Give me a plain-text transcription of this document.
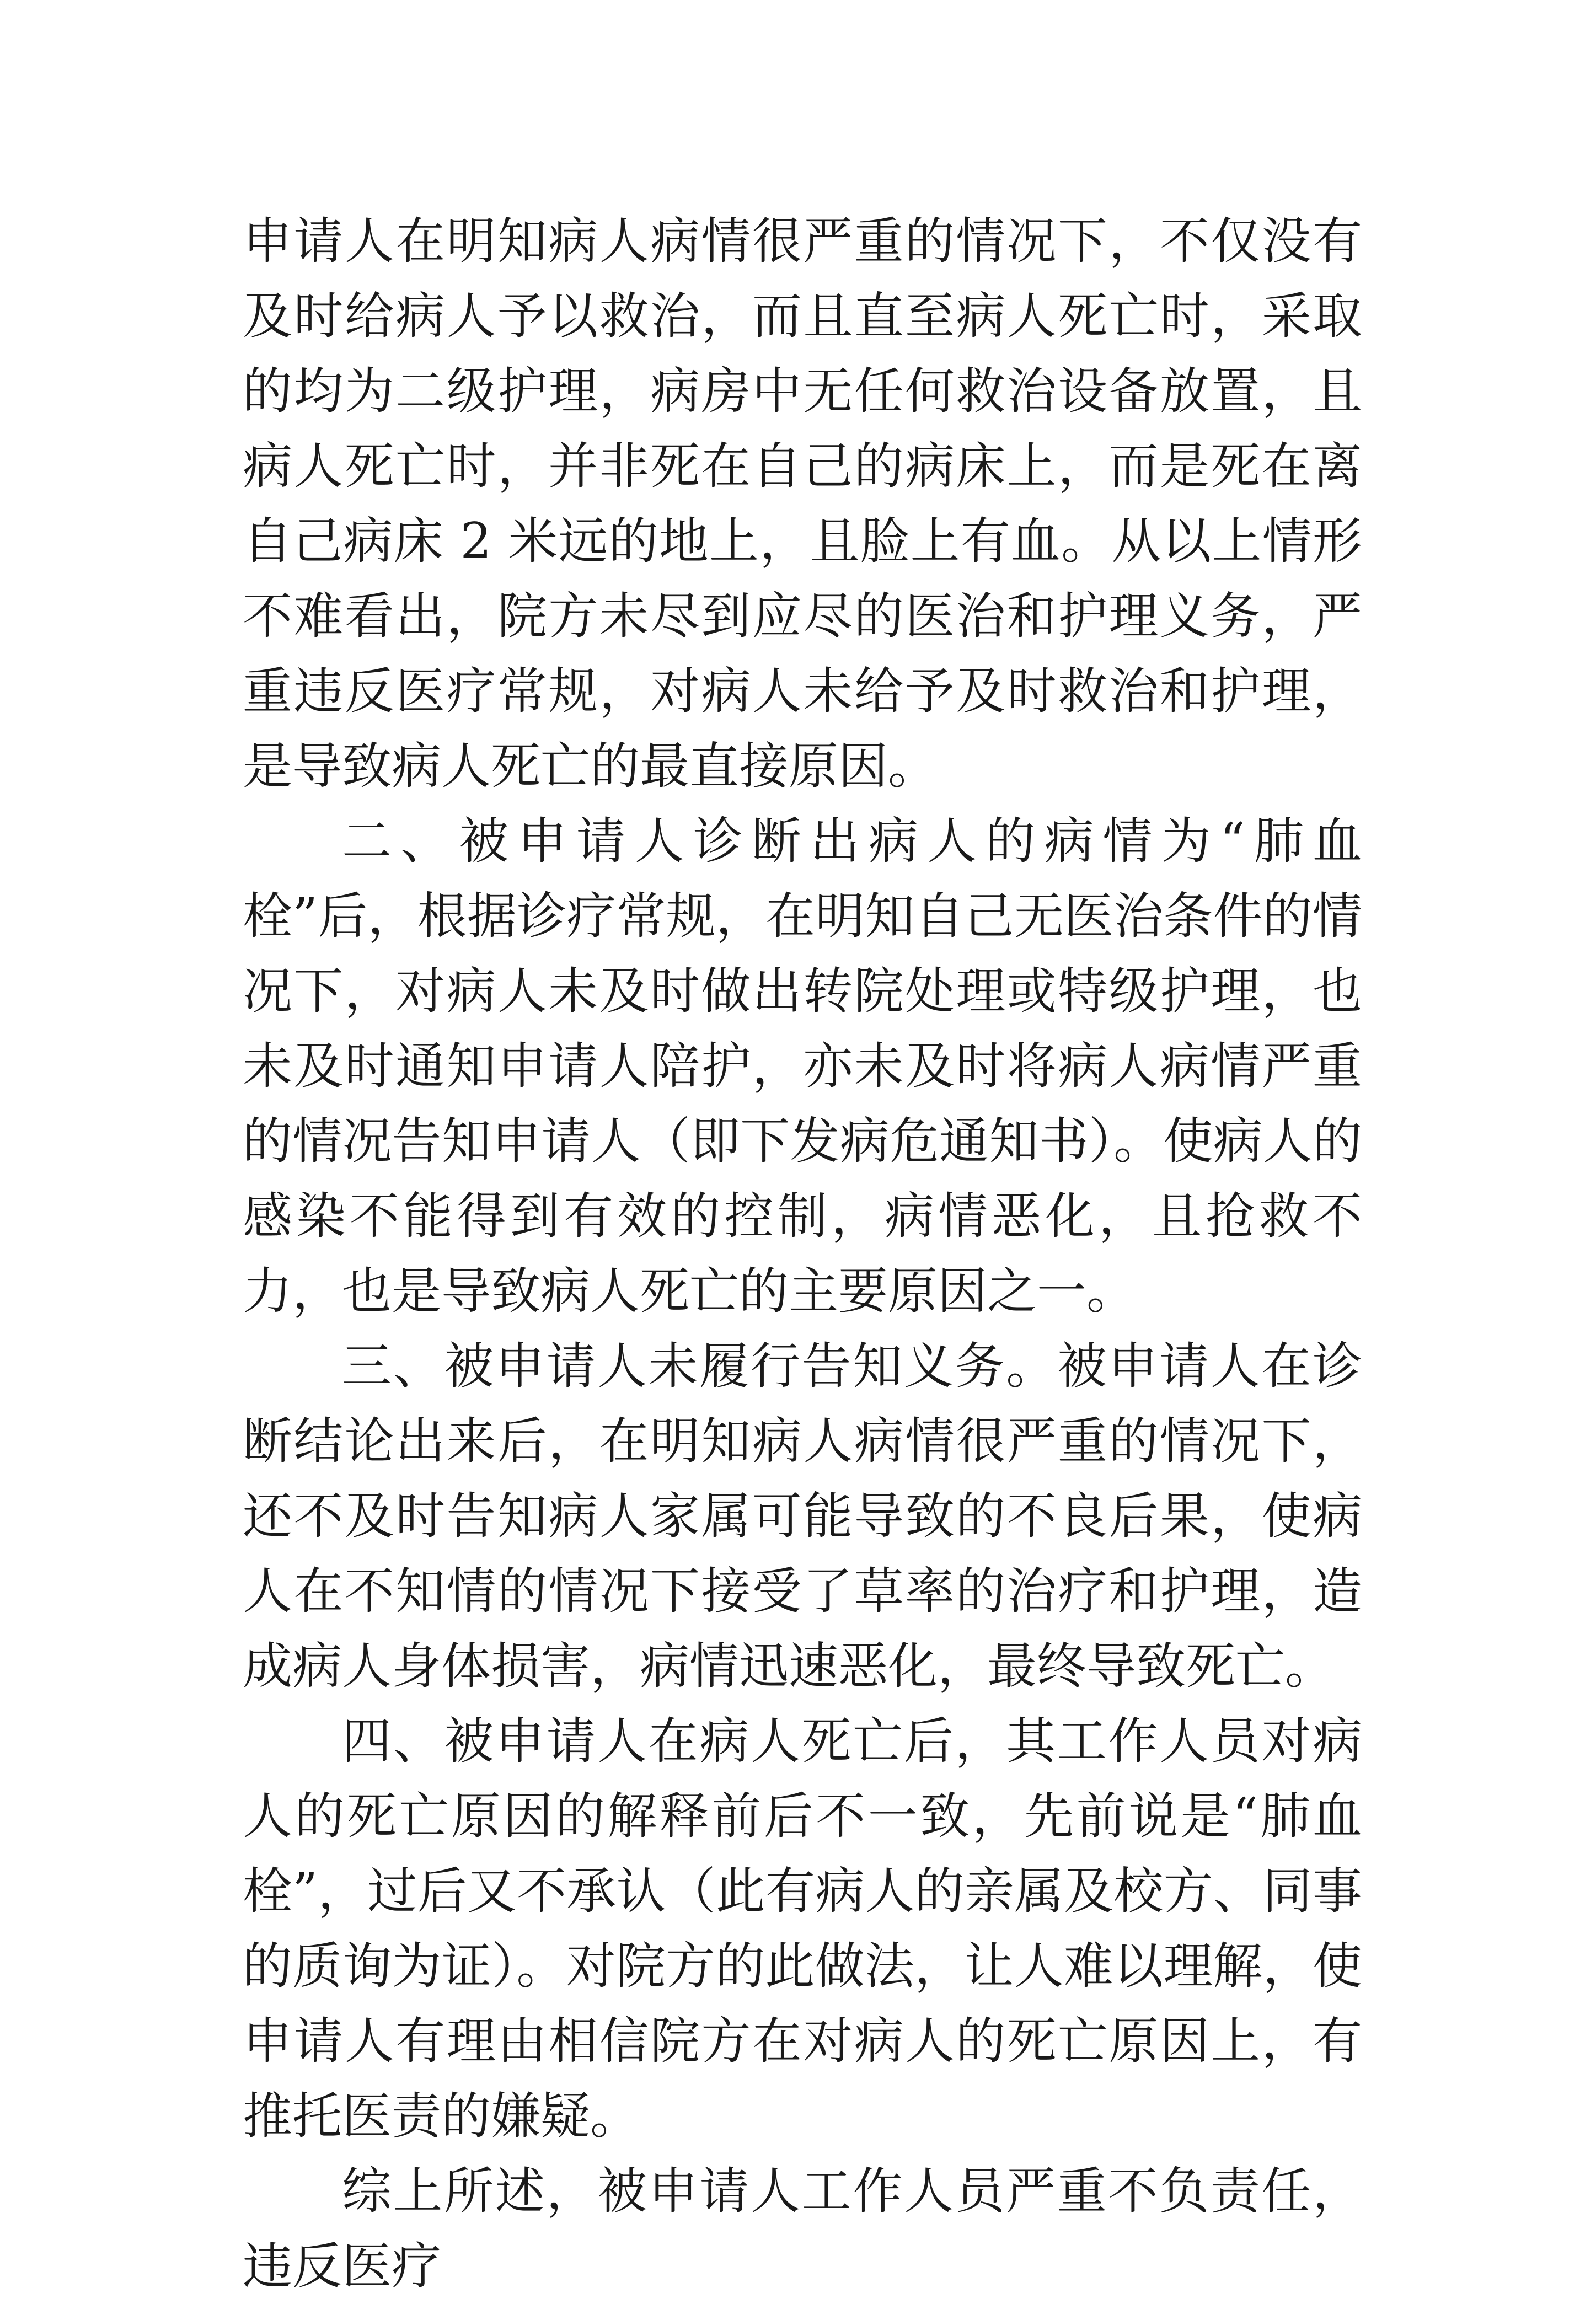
申请人在明知病人病情很严重的情况下，不仅没有及时给病人予以救治，而且直至病人死亡时，采取的均为二级护理，病房中无任何救治设备放置，且病人死亡时，并非死在自己的病床上，而是死在离自己病床 2 米远的地上，且脸上有血。从以上情形不难看出，院方未尽到应尽的医治和护理义务，严重违反医疗常规，对病人未给予及时救治和护理，是导致病人死亡的最直接原因。

二、被申请人诊断出病人的病情为“肺血栓”后，根据诊疗常规，在明知自己无医治条件的情况下，对病人未及时做出转院处理或特级护理，也未及时通知申请人陪护，亦未及时将病人病情严重的情况告知申请人（即下发病危通知书）。使病人的感染不能得到有效的控制，病情恶化，且抢救不力，也是导致病人死亡的主要原因之一。

三、被申请人未履行告知义务。被申请人在诊断结论出来后，在明知病人病情很严重的情况下，还不及时告知病人家属可能导致的不良后果，使病人在不知情的情况下接受了草率的治疗和护理，造成病人身体损害，病情迅速恶化，最终导致死亡。

四、被申请人在病人死亡后，其工作人员对病人的死亡原因的解释前后不一致，先前说是“肺血栓”，过后又不承认（此有病人的亲属及校方、同事的质询为证）。对院方的此做法，让人难以理解，使申请人有理由相信院方在对病人的死亡原因上，有推托医责的嫌疑。

综上所述，被申请人工作人员严重不负责任，违反医疗
